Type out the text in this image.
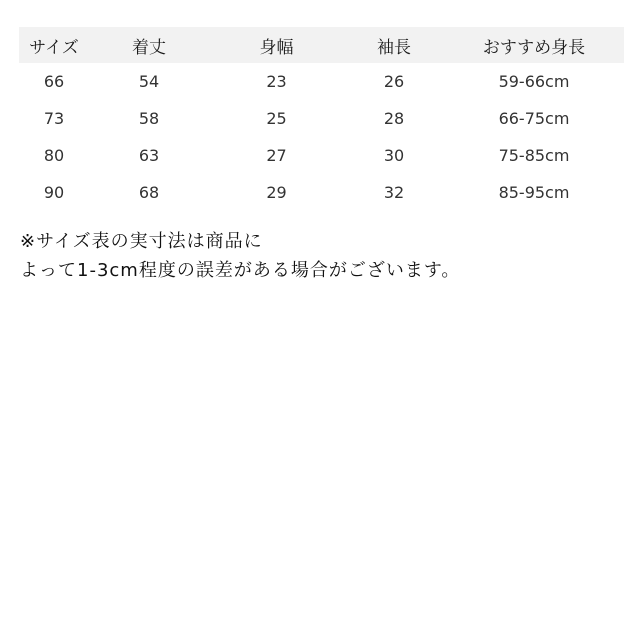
サイズ	着丈	身幅	袖長	おすすめ身長
66	54	23	26	59-66cm
73	58	25	28	66-75cm
80	63	27	30	75-85cm
90	68	29	32	85-95cm
※サイズ表の実寸法は商品に
よって1-3cm程度の誤差がある場合がございます。
